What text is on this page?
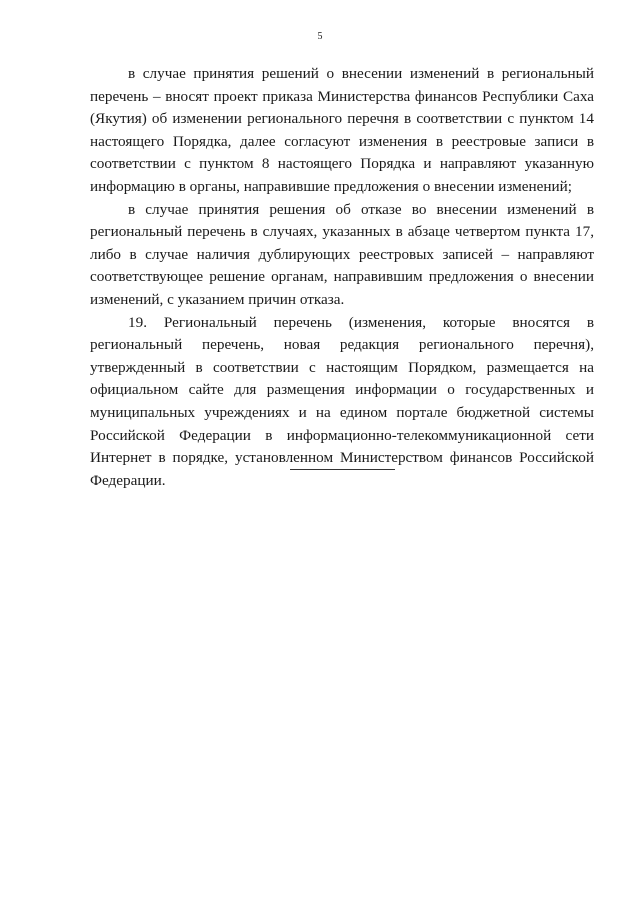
5

в случае принятия решений о внесении изменений в региональный перечень – вносят проект приказа Министерства финансов Республики Саха (Якутия) об изменении регионального перечня в соответствии с пунктом 14 настоящего Порядка, далее согласуют изменения в реестровые записи в соответствии с пунктом 8 настоящего Порядка и направляют указанную информацию в органы, направившие предложения о внесении изменений;

в случае принятия решения об отказе во внесении изменений в региональный перечень в случаях, указанных в абзаце четвертом пункта 17, либо в случае наличия дублирующих реестровых записей – направляют соответствующее решение органам, направившим предложения о внесении изменений, с указанием причин отказа.

19. Региональный перечень (изменения, которые вносятся в региональный перечень, новая редакция регионального перечня), утвержденный в соответствии с настоящим Порядком, размещается на официальном сайте для размещения информации о государственных и муниципальных учреждениях и на едином портале бюджетной системы Российской Федерации в информационно-телекоммуникационной сети Интернет в порядке, установленном Министерством финансов Российской Федерации.
